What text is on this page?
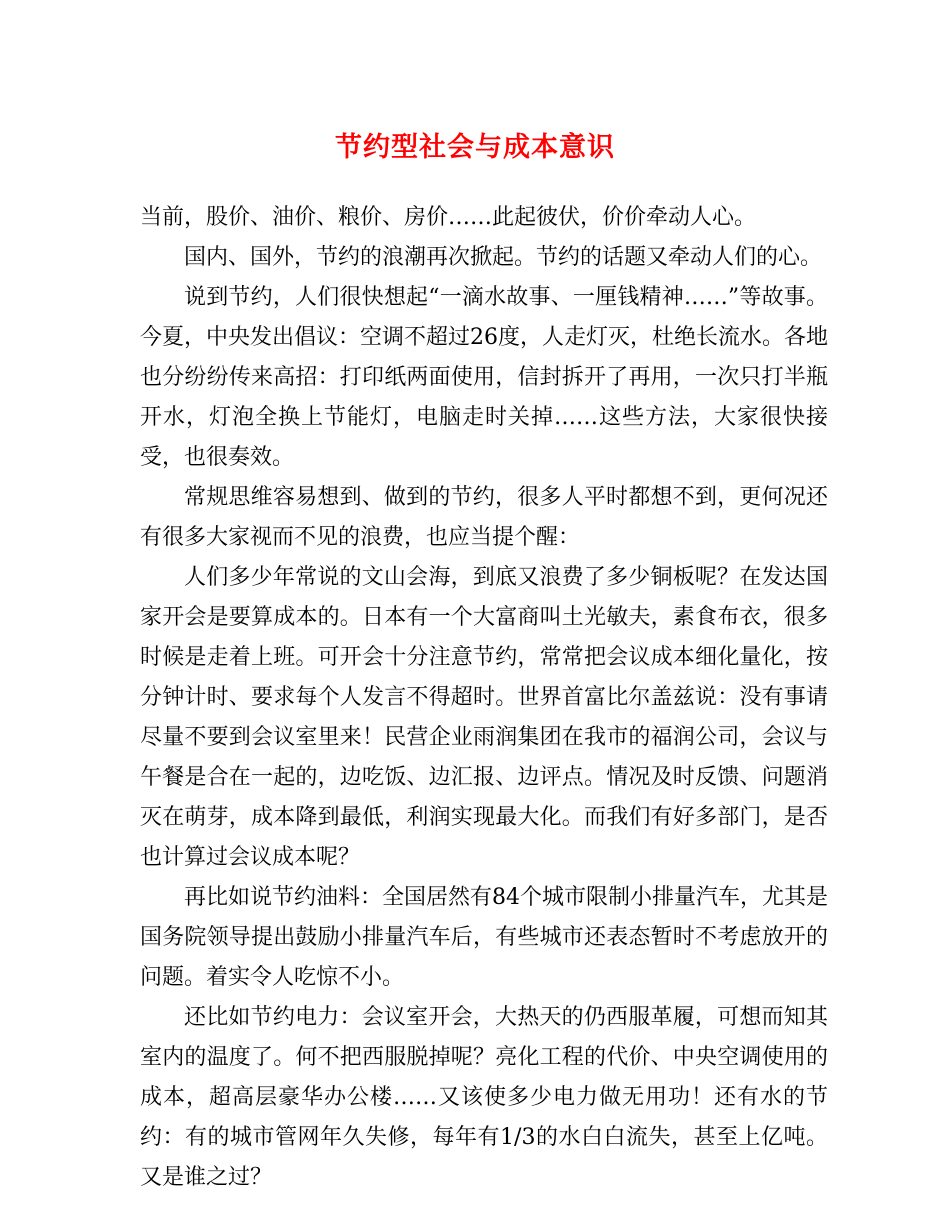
节约型社会与成本意识

当前，股价、油价、粮价、房价……此起彼伏，价价牵动人心。

国内、国外，节约的浪潮再次掀起。节约的话题又牵动人们的心。

说到节约，人们很快想起“一滴水故事、一厘钱精神……”等故事。今夏，中央发出倡议：空调不超过26度，人走灯灭，杜绝长流水。各地也分纷纷传来高招：打印纸两面使用，信封拆开了再用，一次只打半瓶开水，灯泡全换上节能灯，电脑走时关掉……这些方法，大家很快接受，也很奏效。

常规思维容易想到、做到的节约，很多人平时都想不到，更何况还有很多大家视而不见的浪费，也应当提个醒：

人们多少年常说的文山会海，到底又浪费了多少铜板呢？在发达国家开会是要算成本的。日本有一个大富商叫土光敏夫，素食布衣，很多时候是走着上班。可开会十分注意节约，常常把会议成本细化量化，按分钟计时、要求每个人发言不得超时。世界首富比尔盖兹说：没有事请尽量不要到会议室里来！民营企业雨润集团在我市的福润公司，会议与午餐是合在一起的，边吃饭、边汇报、边评点。情况及时反馈、问题消灭在萌芽，成本降到最低，利润实现最大化。而我们有好多部门，是否也计算过会议成本呢？

再比如说节约油料：全国居然有84个城市限制小排量汽车，尤其是国务院领导提出鼓励小排量汽车后，有些城市还表态暂时不考虑放开的问题。着实令人吃惊不小。

还比如节约电力：会议室开会，大热天的仍西服革履，可想而知其室内的温度了。何不把西服脱掉呢？亮化工程的代价、中央空调使用的成本，超高层豪华办公楼……又该使多少电力做无用功！还有水的节约：有的城市管网年久失修，每年有1/3的水白白流失，甚至上亿吨。又是谁之过？
